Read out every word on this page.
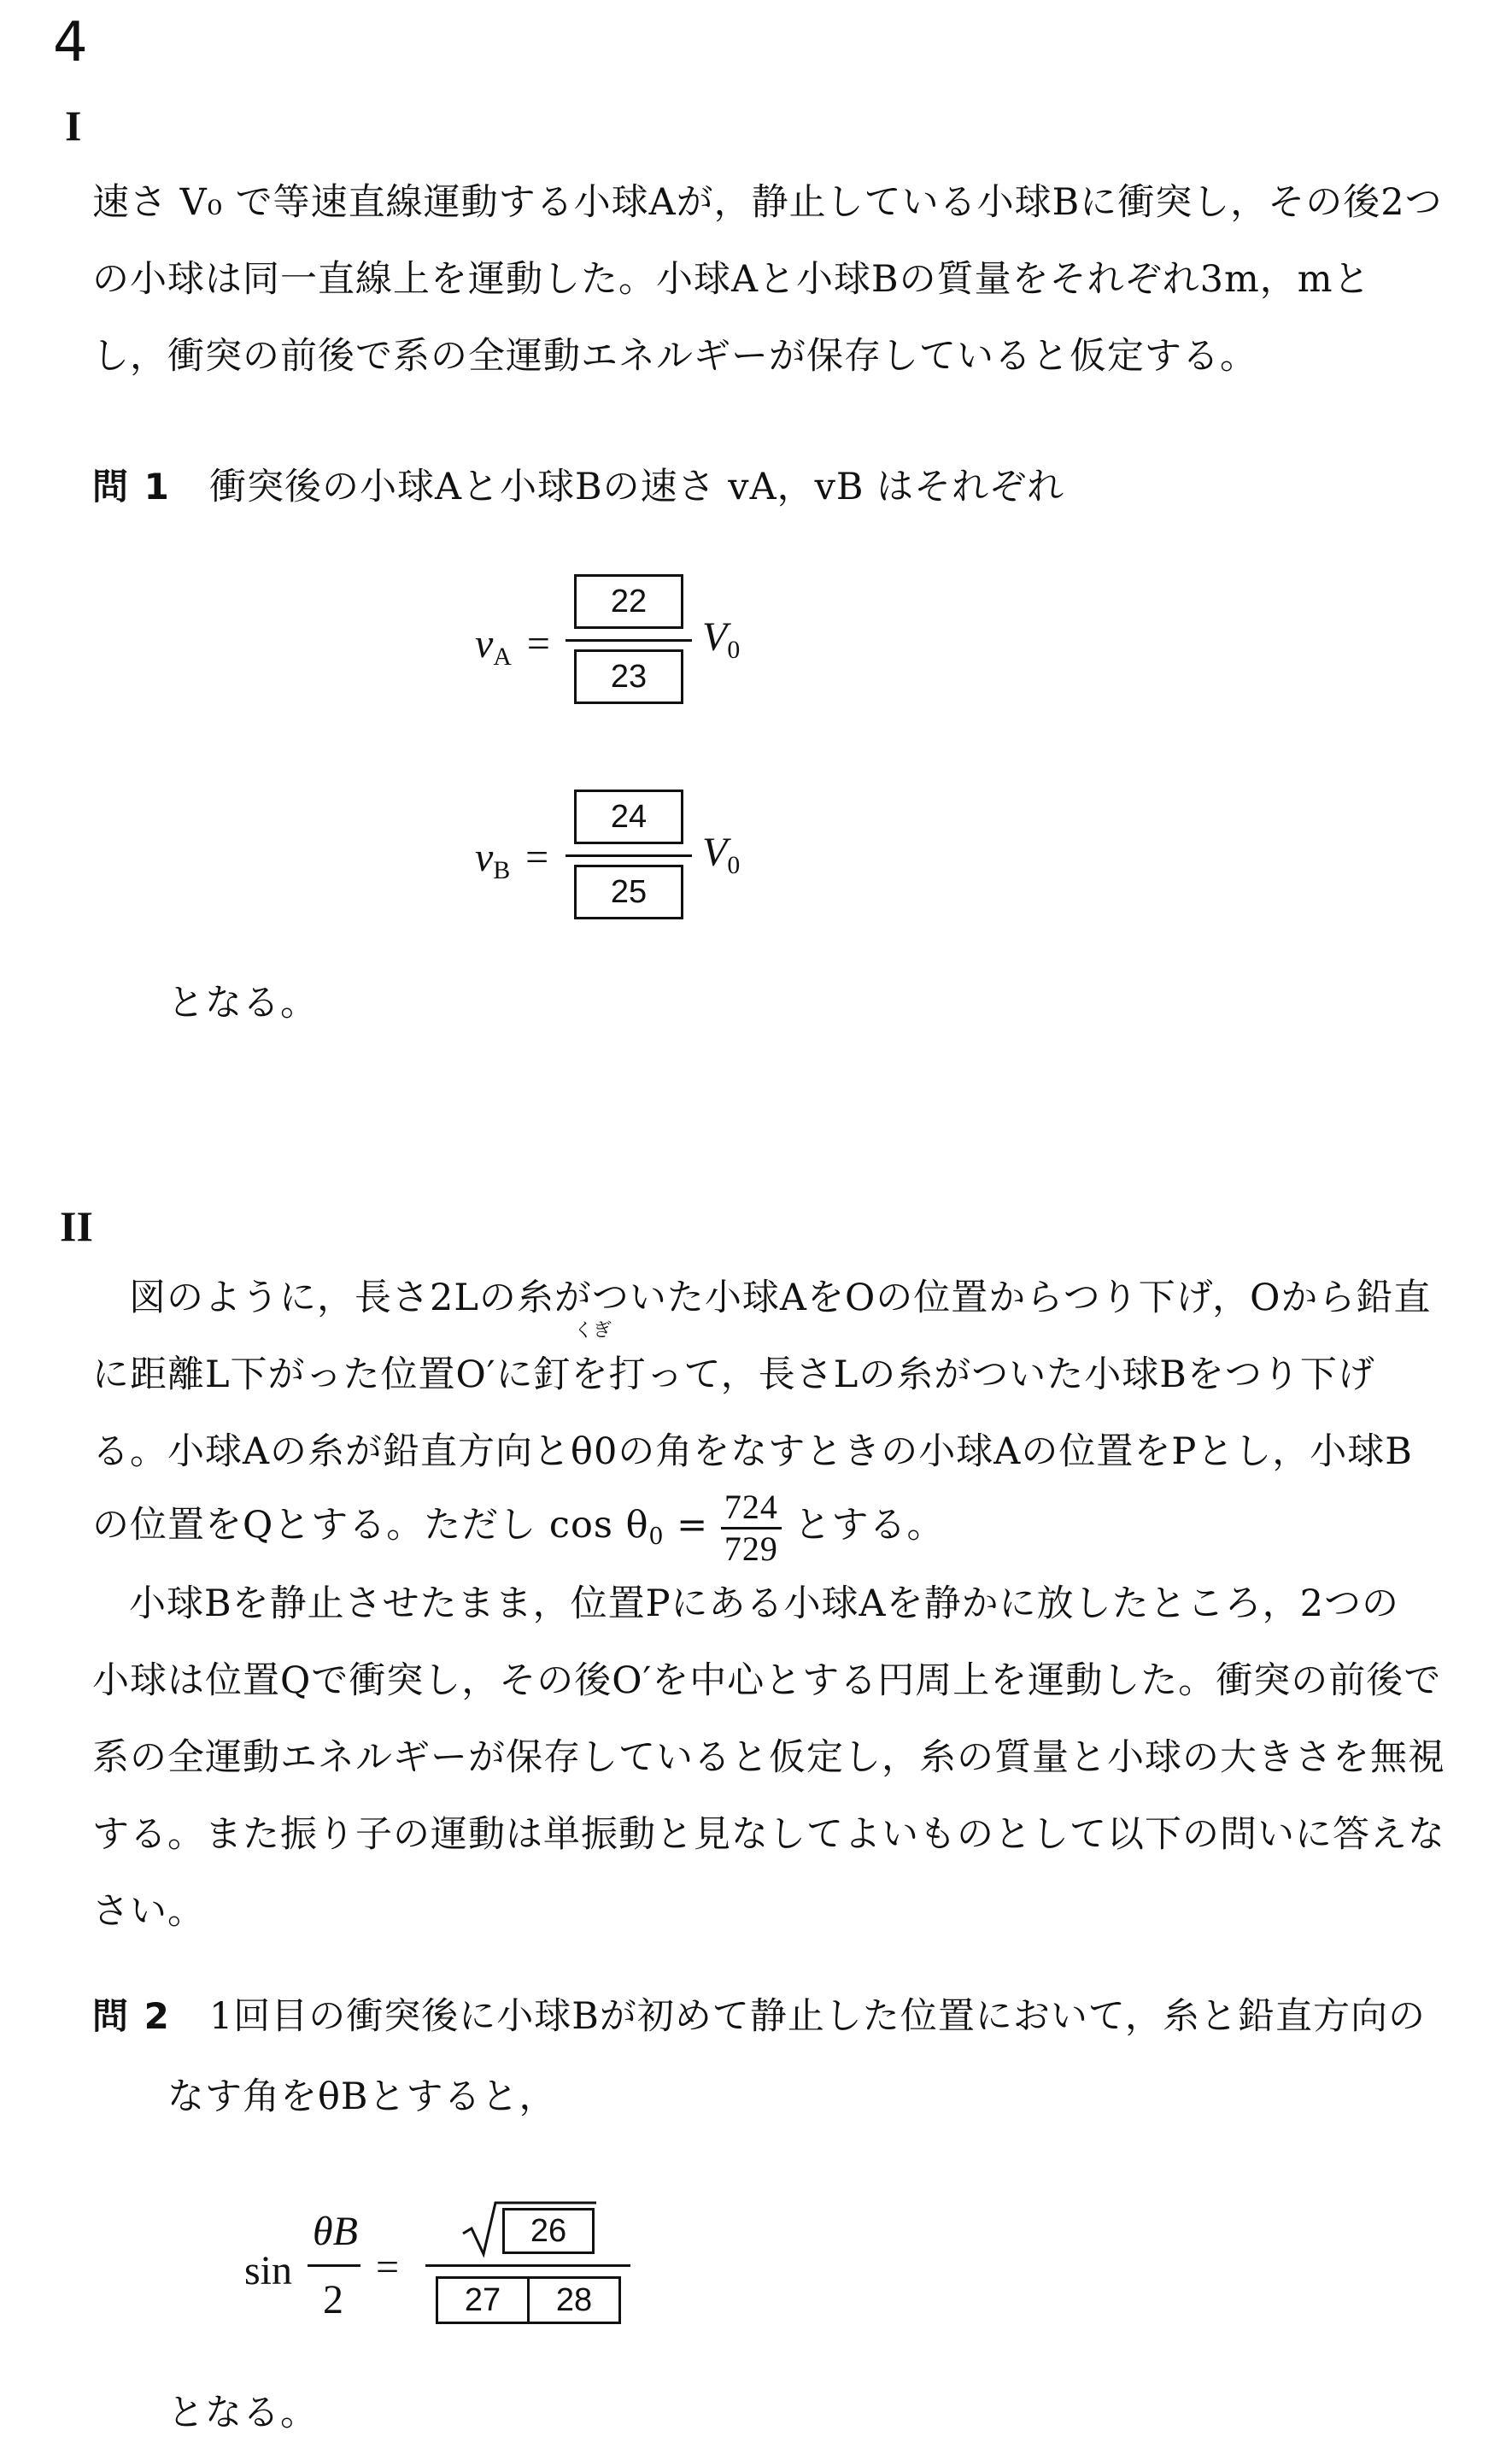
4
I

速さ V₀ で等速直線運動する小球Aが，静止している小球Bに衝突し，その後2つ

の小球は同一直線上を運動した。小球Aと小球Bの質量をそれぞれ3m，mと

し，衝突の前後で系の全運動エネルギーが保存していると仮定する。

問 1 衝突後の小球Aと小球Bの速さ vA，vB はそれぞれ
$v_A$ =
22
23
$V_0$
$v_B$ =
24
25
$V_0$
となる。
II
くぎ

図のように，長さ2Lの糸がついた小球AをOの位置からつり下げ，Oから鉛直

に距離L下がった位置O′に釘を打って，長さLの糸がついた小球Bをつり下げ

る。小球Aの糸が鉛直方向とθ0の角をなすときの小球Aの位置をPとし，小球B

の位置をQとする。ただし $\cos \theta_0 = \frac{724}{729}$ とする。

小球Bを静止させたまま，位置Pにある小球Aを静かに放したところ，2つの

小球は位置Qで衝突し，その後O′を中心とする円周上を運動した。衝突の前後で

系の全運動エネルギーが保存していると仮定し，糸の質量と小球の大きさを無視

する。また振り子の運動は単振動と見なしてよいものとして以下の問いに答えな

さい。

問 2 1回目の衝突後に小球Bが初めて静止した位置において，糸と鉛直方向の
なす角をθBとすると，
sin
θB
2
=
26
27	28
となる。
